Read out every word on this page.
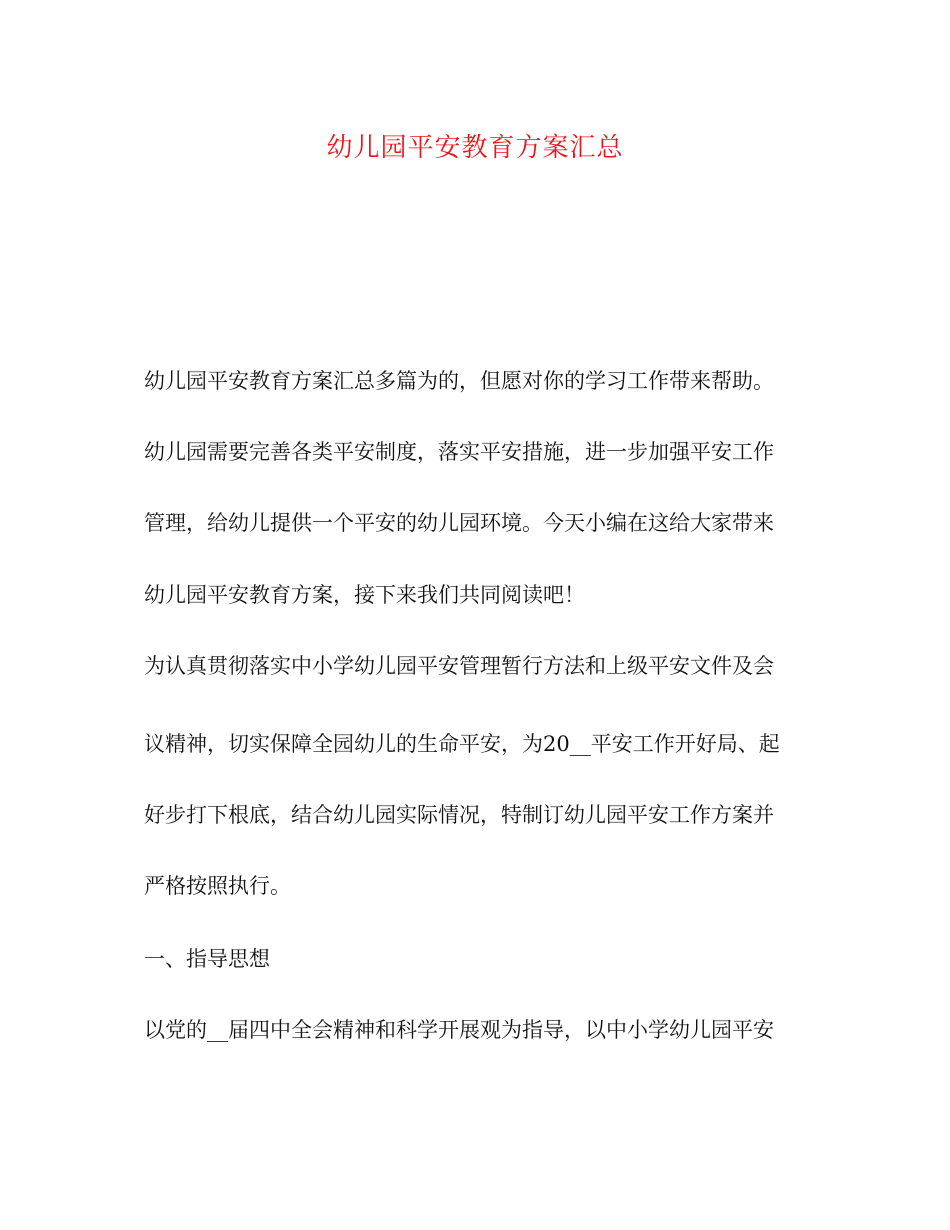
幼儿园平安教育方案汇总

幼儿园平安教育方案汇总多篇为的，但愿对你的学习工作带来帮助。

幼儿园需要完善各类平安制度，落实平安措施，进一步加强平安工作

管理，给幼儿提供一个平安的幼儿园环境。今天小编在这给大家带来

幼儿园平安教育方案，接下来我们共同阅读吧！

为认真贯彻落实中小学幼儿园平安管理暂行方法和上级平安文件及会

议精神，切实保障全园幼儿的生命平安，为20__平安工作开好局、起

好步打下根底，结合幼儿园实际情况，特制订幼儿园平安工作方案并

严格按照执行。

一、指导思想

以党的__届四中全会精神和科学开展观为指导，以中小学幼儿园平安
